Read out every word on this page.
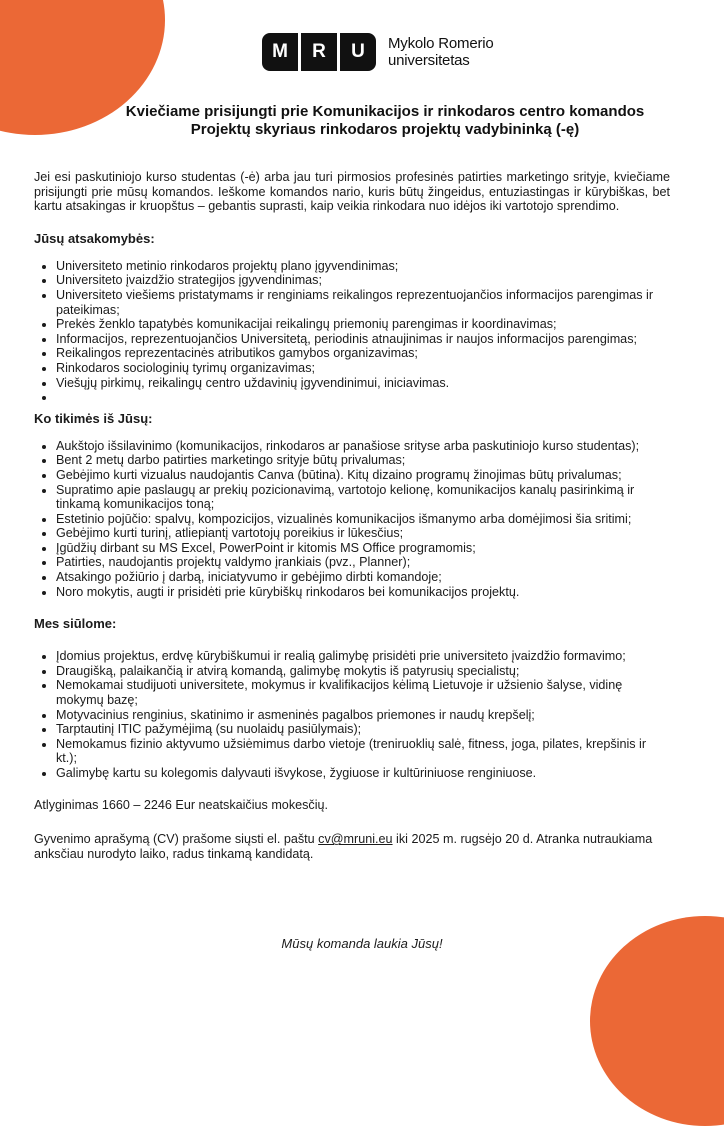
M	R	U	Mykolo Romerio
universitetas
Kviečiame prisijungti prie Komunikacijos ir rinkodaros centro komandos
Projektų skyriaus rinkodaros projektų vadybininką (-ę)

Jei esi paskutiniojo kurso studentas (-ė) arba jau turi pirmosios profesinės patirties marketingo srityje, kviečiame prisijungti prie mūsų komandos. Ieškome komandos nario, kuris būtų žingeidus, entuziastingas ir kūrybiškas, bet kartu atsakingas ir kruopštus – gebantis suprasti, kaip veikia rinkodara nuo idėjos iki vartotojo sprendimo.

Jūsų atsakomybės:
• Universiteto metinio rinkodaros projektų plano įgyvendinimas;
• Universiteto įvaizdžio strategijos įgyvendinimas;
• Universiteto viešiems pristatymams ir renginiams reikalingos reprezentuojančios informacijos parengimas ir pateikimas;
• Prekės ženklo tapatybės komunikacijai reikalingų priemonių parengimas ir koordinavimas;
• Informacijos, reprezentuojančios Universitetą, periodinis atnaujinimas ir naujos informacijos parengimas;
• Reikalingos reprezentacinės atributikos gamybos organizavimas;
• Rinkodaros sociologinių tyrimų organizavimas;
• Viešųjų pirkimų, reikalingų centro uždavinių įgyvendinimui, iniciavimas.
•
Ko tikimės iš Jūsų:
• Aukštojo išsilavinimo (komunikacijos, rinkodaros ar panašiose srityse arba paskutiniojo kurso studentas);
• Bent 2 metų darbo patirties marketingo srityje būtų privalumas;
• Gebėjimo kurti vizualus naudojantis Canva (būtina). Kitų dizaino programų žinojimas būtų privalumas;
• Supratimo apie paslaugų ar prekių pozicionavimą, vartotojo kelionę, komunikacijos kanalų pasirinkimą ir tinkamą komunikacijos toną;
• Estetinio pojūčio: spalvų, kompozicijos, vizualinės komunikacijos išmanymo arba domėjimosi šia sritimi;
• Gebėjimo kurti turinį, atliepiantį vartotojų poreikius ir lūkesčius;
• Įgūdžių dirbant su MS Excel, PowerPoint ir kitomis MS Office programomis;
• Patirties, naudojantis projektų valdymo įrankiais (pvz., Planner);
• Atsakingo požiūrio į darbą, iniciatyvumo ir gebėjimo dirbti komandoje;
• Noro mokytis, augti ir prisidėti prie kūrybiškų rinkodaros bei komunikacijos projektų.
Mes siūlome:
• Įdomius projektus, erdvę kūrybiškumui ir realią galimybę prisidėti prie universiteto įvaizdžio formavimo;
• Draugišką, palaikančią ir atvirą komandą, galimybę mokytis iš patyrusių specialistų;
• Nemokamai studijuoti universitete, mokymus ir kvalifikacijos kėlimą Lietuvoje ir užsienio šalyse, vidinę mokymų bazę;
• Motyvacinius renginius, skatinimo ir asmeninės pagalbos priemones ir naudų krepšelį;
• Tarptautinį ITIC pažymėjimą (su nuolaidų pasiūlymais);
• Nemokamus fizinio aktyvumo užsiėmimus darbo vietoje (treniruoklių salė, fitness, joga, pilates, krepšinis ir kt.);
• Galimybę kartu su kolegomis dalyvauti išvykose, žygiuose ir kultūriniuose renginiuose.

Atlyginimas 1660 – 2246 Eur neatskaičius mokesčių.

Gyvenimo aprašymą (CV) prašome siųsti el. paštu cv@mruni.eu iki 2025 m. rugsėjo 20 d. Atranka nutraukiama anksčiau nurodyto laiko, radus tinkamą kandidatą.

Mūsų komanda laukia Jūsų!
